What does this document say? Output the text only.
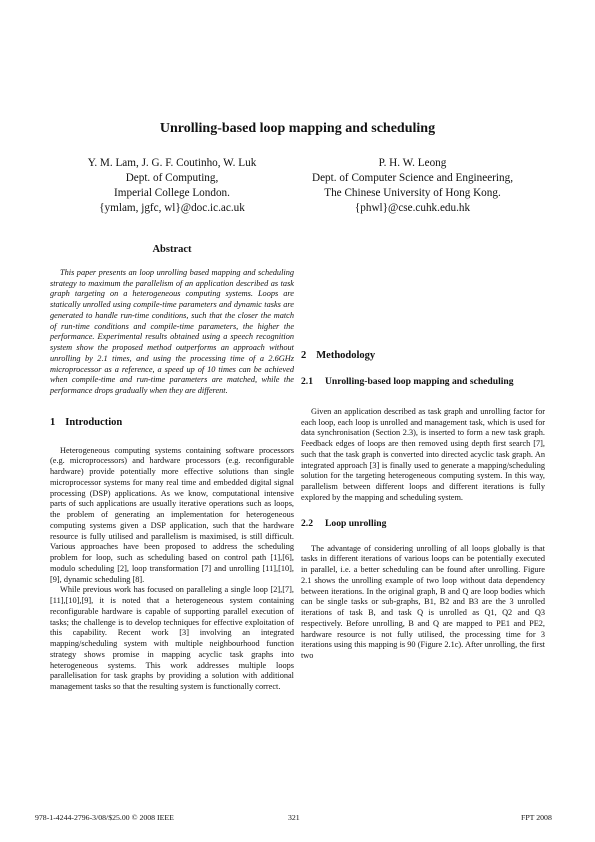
Unrolling-based loop mapping and scheduling
Y. M. Lam, J. G. F. Coutinho, W. Luk
Dept. of Computing,
Imperial College London.
{ymlam, jgfc, wl}@doc.ic.ac.uk
P. H. W. Leong
Dept. of Computer Science and Engineering,
The Chinese University of Hong Kong.
{phwl}@cse.cuhk.edu.hk
Abstract

This paper presents an loop unrolling based mapping and scheduling strategy to maximum the parallelism of an application described as task graph targeting on a heterogeneous computing systems. Loops are statically unrolled using compile-time parameters and dynamic tasks are generated to handle run-time conditions, such that the closer the match of run-time conditions and compile-time parameters, the higher the performance. Experimental results obtained using a speech recognition system show the proposed method outperforms an approach without unrolling by 2.1 times, and using the processing time of a 2.6GHz microprocessor as a reference, a speed up of 10 times can be achieved when compile-time and run-time parameters are matched, while the performance drops gradually when they are different.

1 Introduction

Heterogeneous computing systems containing software processors (e.g. microprocessors) and hardware processors (e.g. reconfigurable hardware) provide potentially more effective solutions than single microprocessor systems for many real time and embedded digital signal processing (DSP) applications. As we know, computational intensive parts of such applications are usually iterative operations such as loops, the problem of generating an implementation for heterogeneous computing systems given a DSP application, such that the hardware resource is fully utilised and parallelism is maximised, is still difficult. Various approaches have been proposed to address the scheduling problem for loop, such as scheduling based on control path [1],[6], modulo scheduling [2], loop transformation [7] and unrolling [11],[10],[9], dynamic scheduling [8].

While previous work has focused on paralleling a single loop [2],[7],[11],[10],[9], it is noted that a heterogeneous system containing reconfigurable hardware is capable of supporting parallel execution of tasks; the challenge is to develop techniques for effective exploitation of this capability. Recent work [3] involving an integrated mapping/scheduling system with multiple neighbourhood function strategy shows promise in mapping acyclic task graphs into heterogeneous systems. This work addresses multiple loops parallelisation for task graphs by providing a solution with additional management tasks so that the resulting system is functionally correct.

2 Methodology
2.1 Unrolling-based loop mapping and scheduling

Given an application described as task graph and unrolling factor for each loop, each loop is unrolled and management task, which is used for data synchronisation (Section 2.3), is inserted to form a new task graph. Feedback edges of loops are then removed using depth first search [7], such that the task graph is converted into directed acyclic task graph. An integrated approach [3] is finally used to generate a mapping/scheduling solution for the targeting heterogeneous computing system. In this way, parallelism between different loops and different iterations is fully explored by the mapping and scheduling system.

2.2 Loop unrolling

The advantage of considering unrolling of all loops globally is that tasks in different iterations of various loops can be potentially executed in parallel, i.e. a better scheduling can be found after unrolling. Figure 2.1 shows the unrolling example of two loop without data dependency between iterations. In the original graph, B and Q are loop bodies which can be single tasks or sub-graphs, B1, B2 and B3 are the 3 unrolled iterations of task B, and task Q is unrolled as Q1, Q2 and Q3 respectively. Before unrolling, B and Q are mapped to PE1 and PE2, hardware resource is not fully utilised, the processing time for 3 iterations using this mapping is 90 (Figure 2.1c). After unrolling, the first two

978-1-4244-2796-3/08/$25.00 © 2008 IEEE	321	FPT 2008
